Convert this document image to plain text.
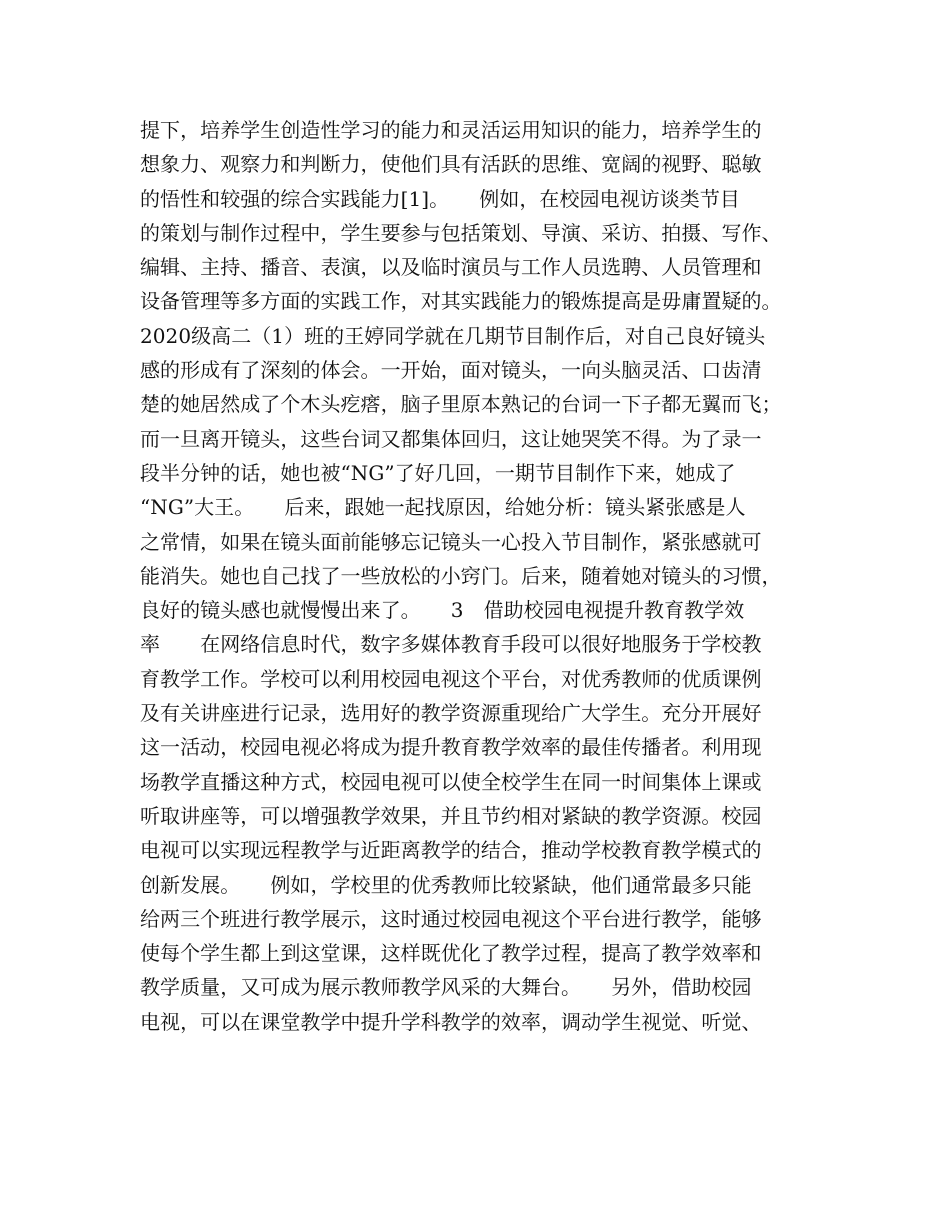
提下，培养学生创造性学习的能力和灵活运用知识的能力，培养学生的
想象力、观察力和判断力，使他们具有活跃的思维、宽阔的视野、聪敏
的悟性和较强的综合实践能力[1]。　　例如，在校园电视访谈类节目
的策划与制作过程中，学生要参与包括策划、导演、采访、拍摄、写作、
编辑、主持、播音、表演，以及临时演员与工作人员选聘、人员管理和
设备管理等多方面的实践工作，对其实践能力的锻炼提高是毋庸置疑的。
2020级高二（1）班的王婷同学就在几期节目制作后，对自己良好镜头
感的形成有了深刻的体会。一开始，面对镜头，一向头脑灵活、口齿清
楚的她居然成了个木头疙瘩，脑子里原本熟记的台词一下子都无翼而飞；
而一旦离开镜头，这些台词又都集体回归，这让她哭笑不得。为了录一
段半分钟的话，她也被“NG”了好几回，一期节目制作下来，她成了
“NG”大王。　　后来，跟她一起找原因，给她分析：镜头紧张感是人
之常情，如果在镜头面前能够忘记镜头一心投入节目制作，紧张感就可
能消失。她也自己找了一些放松的小窍门。后来，随着她对镜头的习惯，
良好的镜头感也就慢慢出来了。　　3　借助校园电视提升教育教学效
率　　在网络信息时代，数字多媒体教育手段可以很好地服务于学校教
育教学工作。学校可以利用校园电视这个平台，对优秀教师的优质课例
及有关讲座进行记录，选用好的教学资源重现给广大学生。充分开展好
这一活动，校园电视必将成为提升教育教学效率的最佳传播者。利用现
场教学直播这种方式，校园电视可以使全校学生在同一时间集体上课或
听取讲座等，可以增强教学效果，并且节约相对紧缺的教学资源。校园
电视可以实现远程教学与近距离教学的结合，推动学校教育教学模式的
创新发展。　　例如，学校里的优秀教师比较紧缺，他们通常最多只能
给两三个班进行教学展示，这时通过校园电视这个平台进行教学，能够
使每个学生都上到这堂课，这样既优化了教学过程，提高了教学效率和
教学质量，又可成为展示教师教学风采的大舞台。　　另外，借助校园
电视，可以在课堂教学中提升学科教学的效率，调动学生视觉、听觉、
